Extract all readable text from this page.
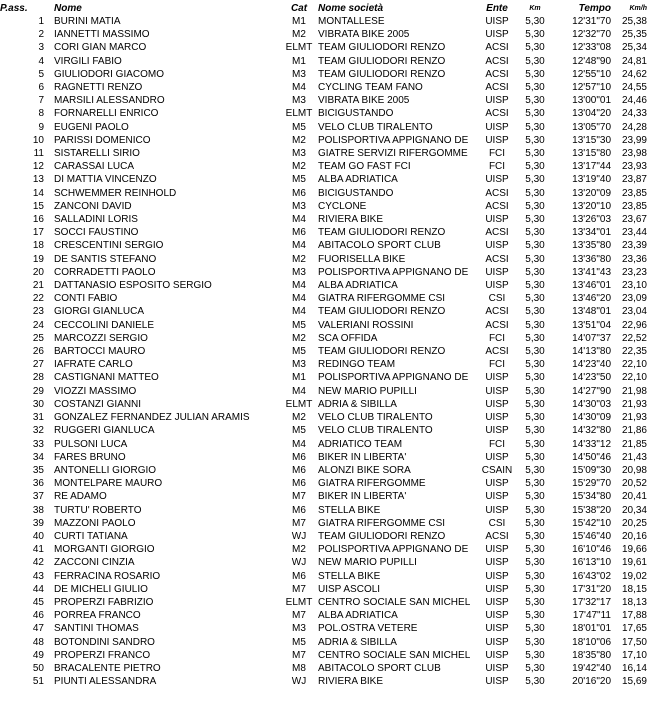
P.ass.	Nome	Cat	Nome società	Ente	Km	Tempo	Km/h
1	BURINI MATIA	M1	MONTALLESE	UISP	5,30	12'31"70	25,38
2	IANNETTI MASSIMO	M2	VIBRATA BIKE 2005	UISP	5,30	12'32"70	25,35
3	CORI GIAN MARCO	ELMT	TEAM GIULIODORI RENZO	ACSI	5,30	12'33"08	25,34
4	VIRGILI FABIO	M1	TEAM GIULIODORI RENZO	ACSI	5,30	12'48"90	24,81
5	GIULIODORI GIACOMO	M3	TEAM GIULIODORI RENZO	ACSI	5,30	12'55"10	24,62
6	RAGNETTI RENZO	M4	CYCLING TEAM FANO	ACSI	5,30	12'57"10	24,55
7	MARSILI ALESSANDRO	M3	VIBRATA BIKE 2005	UISP	5,30	13'00"01	24,46
8	FORNARELLI ENRICO	ELMT	BICIGUSTANDO	ACSI	5,30	13'04"20	24,33
9	EUGENI PAOLO	M5	VELO CLUB TIRALENTO	UISP	5,30	13'05"70	24,28
10	PARISSI DOMENICO	M2	POLISPORTIVA APPIGNANO DE	UISP	5,30	13'15"30	23,99
11	SISTARELLI SIRIO	M3	GIATRE SERVIZI RIFERGOMME	FCI	5,30	13'15"80	23,98
12	CARASSAI LUCA	M2	TEAM GO FAST FCI	FCI	5,30	13'17"44	23,93
13	DI MATTIA VINCENZO	M5	ALBA ADRIATICA	UISP	5,30	13'19"40	23,87
14	SCHWEMMER REINHOLD	M6	BICIGUSTANDO	ACSI	5,30	13'20"09	23,85
15	ZANCONI DAVID	M3	CYCLONE	ACSI	5,30	13'20"10	23,85
16	SALLADINI LORIS	M4	RIVIERA BIKE	UISP	5,30	13'26"03	23,67
17	SOCCI FAUSTINO	M6	TEAM GIULIODORI RENZO	ACSI	5,30	13'34"01	23,44
18	CRESCENTINI SERGIO	M4	ABITACOLO SPORT CLUB	UISP	5,30	13'35"80	23,39
19	DE SANTIS STEFANO	M2	FUORISELLA BIKE	ACSI	5,30	13'36"80	23,36
20	CORRADETTI PAOLO	M3	POLISPORTIVA APPIGNANO DE	UISP	5,30	13'41"43	23,23
21	DATTANASIO ESPOSITO SERGIO	M4	ALBA ADRIATICA	UISP	5,30	13'46"01	23,10
22	CONTI FABIO	M4	GIATRA RIFERGOMME CSI	CSI	5,30	13'46"20	23,09
23	GIORGI GIANLUCA	M4	TEAM GIULIODORI RENZO	ACSI	5,30	13'48"01	23,04
24	CECCOLINI DANIELE	M5	VALERIANI ROSSINI	ACSI	5,30	13'51"04	22,96
25	MARCOZZI SERGIO	M2	SCA OFFIDA	FCI	5,30	14'07"37	22,52
26	BARTOCCI MAURO	M5	TEAM GIULIODORI RENZO	ACSI	5,30	14'13"80	22,35
27	IAFRATE CARLO	M3	REDINGO TEAM	FCI	5,30	14'23"40	22,10
28	CASTIGNANI MATTEO	M1	POLISPORTIVA APPIGNANO DE	UISP	5,30	14'23"50	22,10
29	VIOZZI MASSIMO	M4	NEW MARIO PUPILLI	UISP	5,30	14'27"90	21,98
30	COSTANZI GIANNI	ELMT	ADRIA & SIBILLA	UISP	5,30	14'30"03	21,93
31	GONZALEZ FERNANDEZ JULIAN ARAMIS	M2	VELO CLUB TIRALENTO	UISP	5,30	14'30"09	21,93
32	RUGGERI GIANLUCA	M5	VELO CLUB TIRALENTO	UISP	5,30	14'32"80	21,86
33	PULSONI LUCA	M4	ADRIATICO TEAM	FCI	5,30	14'33"12	21,85
34	FARES BRUNO	M6	BIKER IN LIBERTA'	UISP	5,30	14'50"46	21,43
35	ANTONELLI GIORGIO	M6	ALONZI BIKE SORA	CSAIN	5,30	15'09"30	20,98
36	MONTELPARE MAURO	M6	GIATRA RIFERGOMME	UISP	5,30	15'29"70	20,52
37	RE ADAMO	M7	BIKER IN LIBERTA'	UISP	5,30	15'34"80	20,41
38	TURTU' ROBERTO	M6	STELLA BIKE	UISP	5,30	15'38"20	20,34
39	MAZZONI PAOLO	M7	GIATRA RIFERGOMME CSI	CSI	5,30	15'42"10	20,25
40	CURTI TATIANA	WJ	TEAM GIULIODORI RENZO	ACSI	5,30	15'46"40	20,16
41	MORGANTI GIORGIO	M2	POLISPORTIVA APPIGNANO DE	UISP	5,30	16'10"46	19,66
42	ZACCONI CINZIA	WJ	NEW MARIO PUPILLI	UISP	5,30	16'13"10	19,61
43	FERRACINA ROSARIO	M6	STELLA BIKE	UISP	5,30	16'43"02	19,02
44	DE MICHELI GIULIO	M7	UISP ASCOLI	UISP	5,30	17'31"20	18,15
45	PROPERZI FABRIZIO	ELMT	CENTRO SOCIALE SAN MICHEL	UISP	5,30	17'32"17	18,13
46	PORREA FRANCO	M7	ALBA ADRIATICA	UISP	5,30	17'47"11	17,88
47	SANTINI THOMAS	M3	POL.OSTRA VETERE	UISP	5,30	18'01"01	17,65
48	BOTONDINI SANDRO	M5	ADRIA & SIBILLA	UISP	5,30	18'10"06	17,50
49	PROPERZI FRANCO	M7	CENTRO SOCIALE SAN MICHEL	UISP	5,30	18'35"80	17,10
50	BRACALENTE PIETRO	M8	ABITACOLO SPORT CLUB	UISP	5,30	19'42"40	16,14
51	PIUNTI ALESSANDRA	WJ	RIVIERA BIKE	UISP	5,30	20'16"20	15,69
